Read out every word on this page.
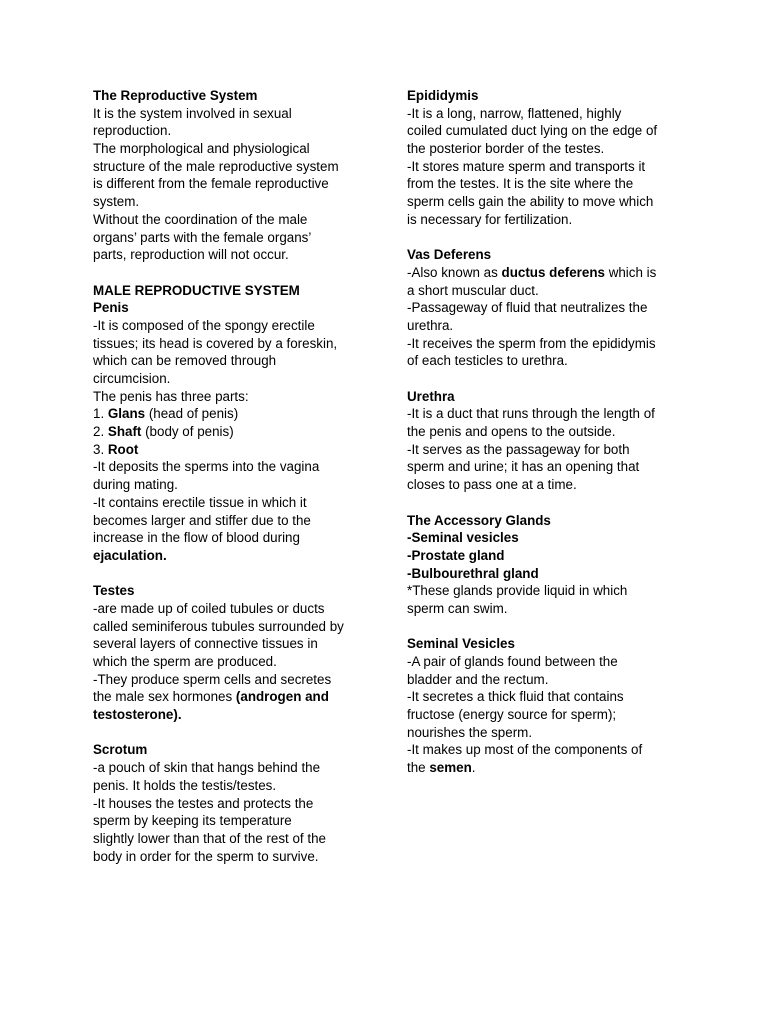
The Reproductive System
It is the system involved in sexual
reproduction.
The morphological and physiological
structure of the male reproductive system
is different from the female reproductive
system.
Without the coordination of the male
organs’ parts with the female organs’
parts, reproduction will not occur.
MALE REPRODUCTIVE SYSTEM
Penis
-It is composed of the spongy erectile
tissues; its head is covered by a foreskin,
which can be removed through
circumcision.
The penis has three parts:
1. Glans (head of penis)
2. Shaft (body of penis)
3. Root
-It deposits the sperms into the vagina
during mating.
-It contains erectile tissue in which it
becomes larger and stiffer due to the
increase in the flow of blood during
ejaculation.
Testes
-are made up of coiled tubules or ducts
called seminiferous tubules surrounded by
several layers of connective tissues in
which the sperm are produced.
-They produce sperm cells and secretes
the male sex hormones (androgen and
testosterone).
Scrotum
-a pouch of skin that hangs behind the
penis. It holds the testis/testes.
-It houses the testes and protects the
sperm by keeping its temperature
slightly lower than that of the rest of the
body in order for the sperm to survive.
Epididymis
-It is a long, narrow, flattened, highly
coiled cumulated duct lying on the edge of
the posterior border of the testes.
-It stores mature sperm and transports it
from the testes. It is the site where the
sperm cells gain the ability to move which
is necessary for fertilization.
Vas Deferens
-Also known as ductus deferens which is
a short muscular duct.
-Passageway of fluid that neutralizes the
urethra.
-It receives the sperm from the epididymis
of each testicles to urethra.
Urethra
-It is a duct that runs through the length of
the penis and opens to the outside.
-It serves as the passageway for both
sperm and urine; it has an opening that
closes to pass one at a time.
The Accessory Glands
-Seminal vesicles
-Prostate gland
-Bulbourethral gland
*These glands provide liquid in which
sperm can swim.
Seminal Vesicles
-A pair of glands found between the
bladder and the rectum.
-It secretes a thick fluid that contains
fructose (energy source for sperm);
nourishes the sperm.
-It makes up most of the components of
the semen.
